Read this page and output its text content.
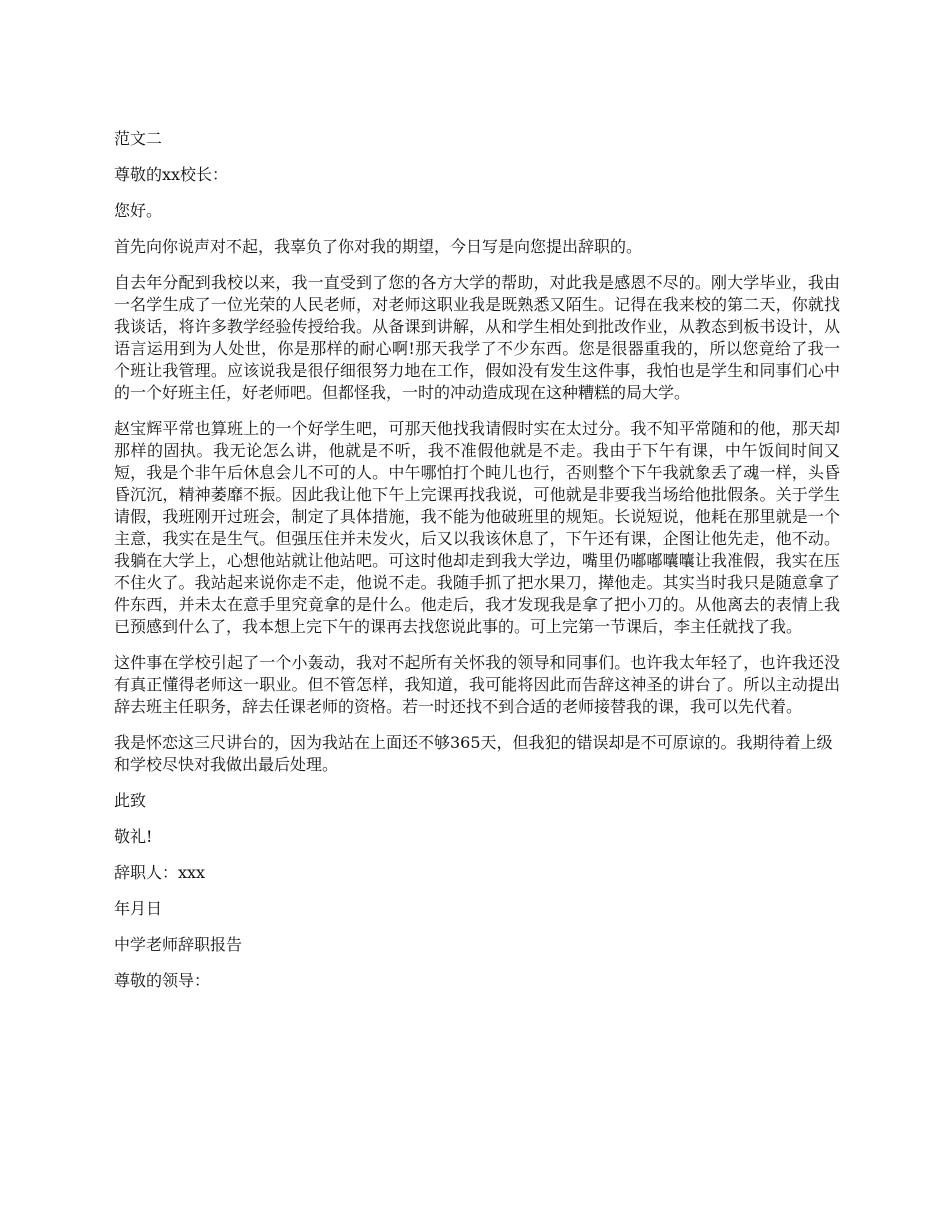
范文二

尊敬的xx校长：

您好。

首先向你说声对不起，我辜负了你对我的期望，今日写是向您提出辞职的。

自去年分配到我校以来，我一直受到了您的各方大学的帮助，对此我是感恩不尽的。刚大学毕业，我由一名学生成了一位光荣的人民老师，对老师这职业我是既熟悉又陌生。记得在我来校的第二天，你就找我谈话，将许多教学经验传授给我。从备课到讲解，从和学生相处到批改作业，从教态到板书设计，从语言运用到为人处世，你是那样的耐心啊!那天我学了不少东西。您是很器重我的，所以您竟给了我一个班让我管理。应该说我是很仔细很努力地在工作，假如没有发生这件事，我怕也是学生和同事们心中的一个好班主任，好老师吧。但都怪我，一时的冲动造成现在这种糟糕的局大学。

赵宝辉平常也算班上的一个好学生吧，可那天他找我请假时实在太过分。我不知平常随和的他，那天却那样的固执。我无论怎么讲，他就是不听，我不准假他就是不走。我由于下午有课，中午饭间时间又短，我是个非午后休息会儿不可的人。中午哪怕打个盹儿也行，否则整个下午我就象丢了魂一样，头昏昏沉沉，精神萎靡不振。因此我让他下午上完课再找我说，可他就是非要我当场给他批假条。关于学生请假，我班刚开过班会，制定了具体措施，我不能为他破班里的规矩。长说短说，他耗在那里就是一个主意，我实在是生气。但强压住并未发火，后又以我该休息了，下午还有课，企图让他先走，他不动。我躺在大学上，心想他站就让他站吧。可这时他却走到我大学边，嘴里仍嘟嘟囔囔让我准假，我实在压不住火了。我站起来说你走不走，他说不走。我随手抓了把水果刀，撵他走。其实当时我只是随意拿了件东西，并未太在意手里究竟拿的是什么。他走后，我才发现我是拿了把小刀的。从他离去的表情上我已预感到什么了，我本想上完下午的课再去找您说此事的。可上完第一节课后，李主任就找了我。

这件事在学校引起了一个小轰动，我对不起所有关怀我的领导和同事们。也许我太年轻了，也许我还没有真正懂得老师这一职业。但不管怎样，我知道，我可能将因此而告辞这神圣的讲台了。所以主动提出辞去班主任职务，辞去任课老师的资格。若一时还找不到合适的老师接替我的课，我可以先代着。

我是怀恋这三尺讲台的，因为我站在上面还不够365天，但我犯的错误却是不可原谅的。我期待着上级和学校尽快对我做出最后处理。

此致

敬礼!

辞职人：xxx

年月日

中学老师辞职报告

尊敬的领导：
